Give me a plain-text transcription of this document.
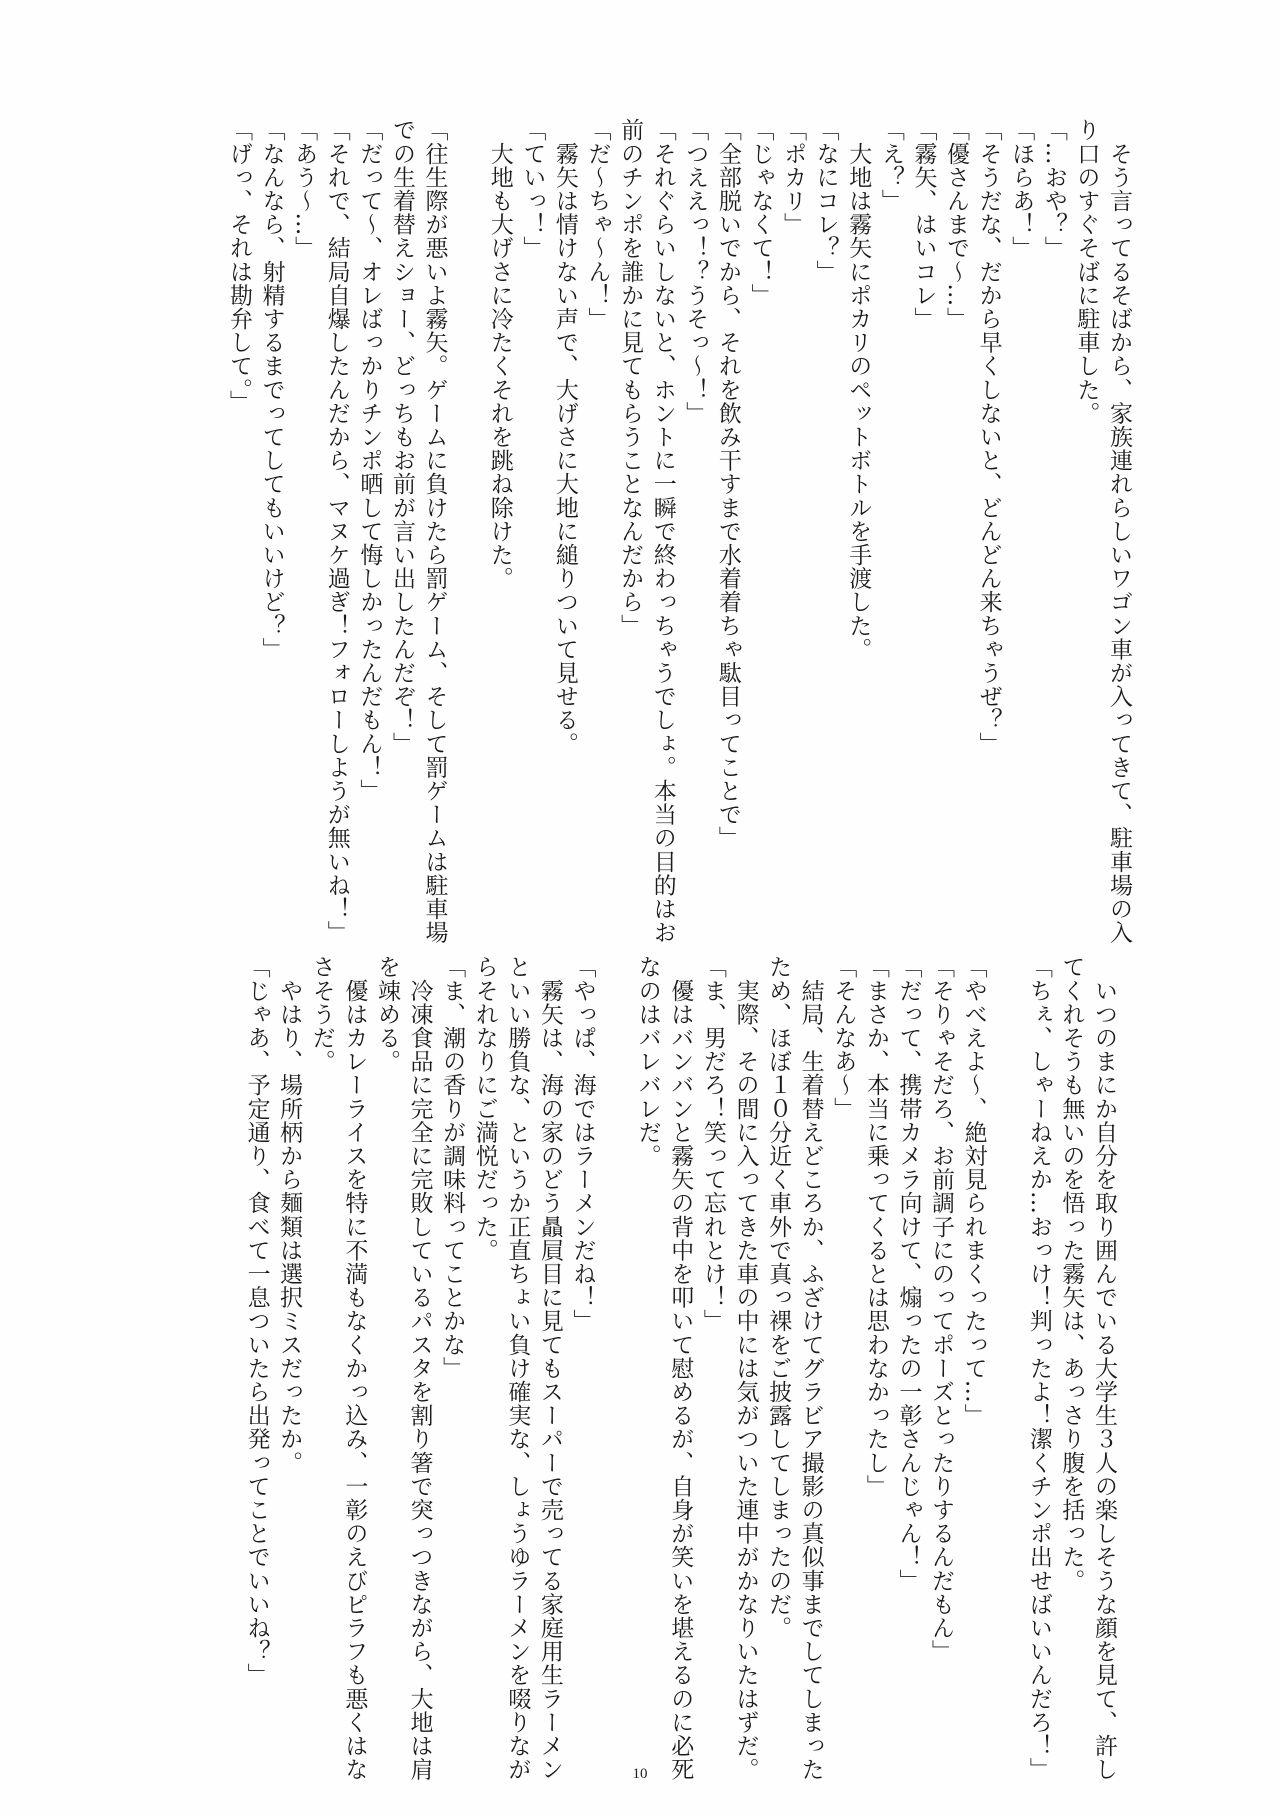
　そう言ってるそばから、家族連れらしいワゴン車が入ってきて、駐車場の入
り口のすぐそばに駐車した。
「…おや？」
「ほらあ！」
「そうだな、だから早くしないと、どんどん来ちゃうぜ？」
「優さんまで〜…」
「霧矢、はいコレ」
「え？」
　大地は霧矢にポカリのペットボトルを手渡した。
「なにコレ？」
「ポカリ」
「じゃなくて！」
「全部脱いでから、それを飲み干すまで水着着ちゃ駄目ってことで」
「つええっ！？うそっ〜！」
「それぐらいしないと、ホントに一瞬で終わっちゃうでしょ。本当の目的はお
前のチンポを誰かに見てもらうことなんだから」
「だ〜ちゃ〜ん！」
　霧矢は情けない声で、大げさに大地に縋りついて見せる。
「ていっ！」
　大地も大げさに冷たくそれを跳ね除けた。

「往生際が悪いよ霧矢。ゲームに負けたら罰ゲーム、そして罰ゲームは駐車場
での生着替えショー、どっちもお前が言い出したんだぞ！」
「だって〜、オレばっかりチンポ晒して悔しかったんだもん！」
「それで、結局自爆したんだから、マヌケ過ぎ！フォローしようが無いね！」
「あう〜…」
「なんなら、射精するまでってしてもいいけど？」
「げっ、それは勘弁して。」
　いつのまにか自分を取り囲んでいる大学生３人の楽しそうな顔を見て、許し
てくれそうも無いのを悟った霧矢は、あっさり腹を括った。
「ちぇ、しゃーねえか…おっけ！判ったよ！潔くチンポ出せばいいんだろ！」

「やべえよ〜、絶対見られまくったって…」
「そりゃそだろ、お前調子にのってポーズとったりするんだもん」
「だって、携帯カメラ向けて、煽ったの一彰さんじゃん！」
「まさか、本当に乗ってくるとは思わなかったし」
「そんなあ〜」
　結局、生着替えどころか、ふざけてグラビア撮影の真似事までしてしまった
ため、ほぼ１０分近く車外で真っ裸をご披露してしまったのだ。
　実際、その間に入ってきた車の中には気がついた連中がかなりいたはずだ。
「ま、男だろ！笑って忘れとけ！」
　優はバンバンと霧矢の背中を叩いて慰めるが、自身が笑いを堪えるのに必死
なのはバレバレだ。

「やっぱ、海ではラーメンだね！」
　霧矢は、海の家のどう贔屓目に見てもスーパーで売ってる家庭用生ラーメン
といい勝負な、というか正直ちょい負け確実な、しょうゆラーメンを啜りなが
らそれなりにご満悦だった。
「ま、潮の香りが調味料ってことかな」
　冷凍食品に完全に完敗しているパスタを割り箸で突っつきながら、大地は肩
を竦める。
　優はカレーライスを特に不満もなくかっ込み、一彰のえびピラフも悪くはな
さそうだ。
　やはり、場所柄から麺類は選択ミスだったか。
「じゃあ、予定通り、食べて一息ついたら出発ってことでいいね？」
10
